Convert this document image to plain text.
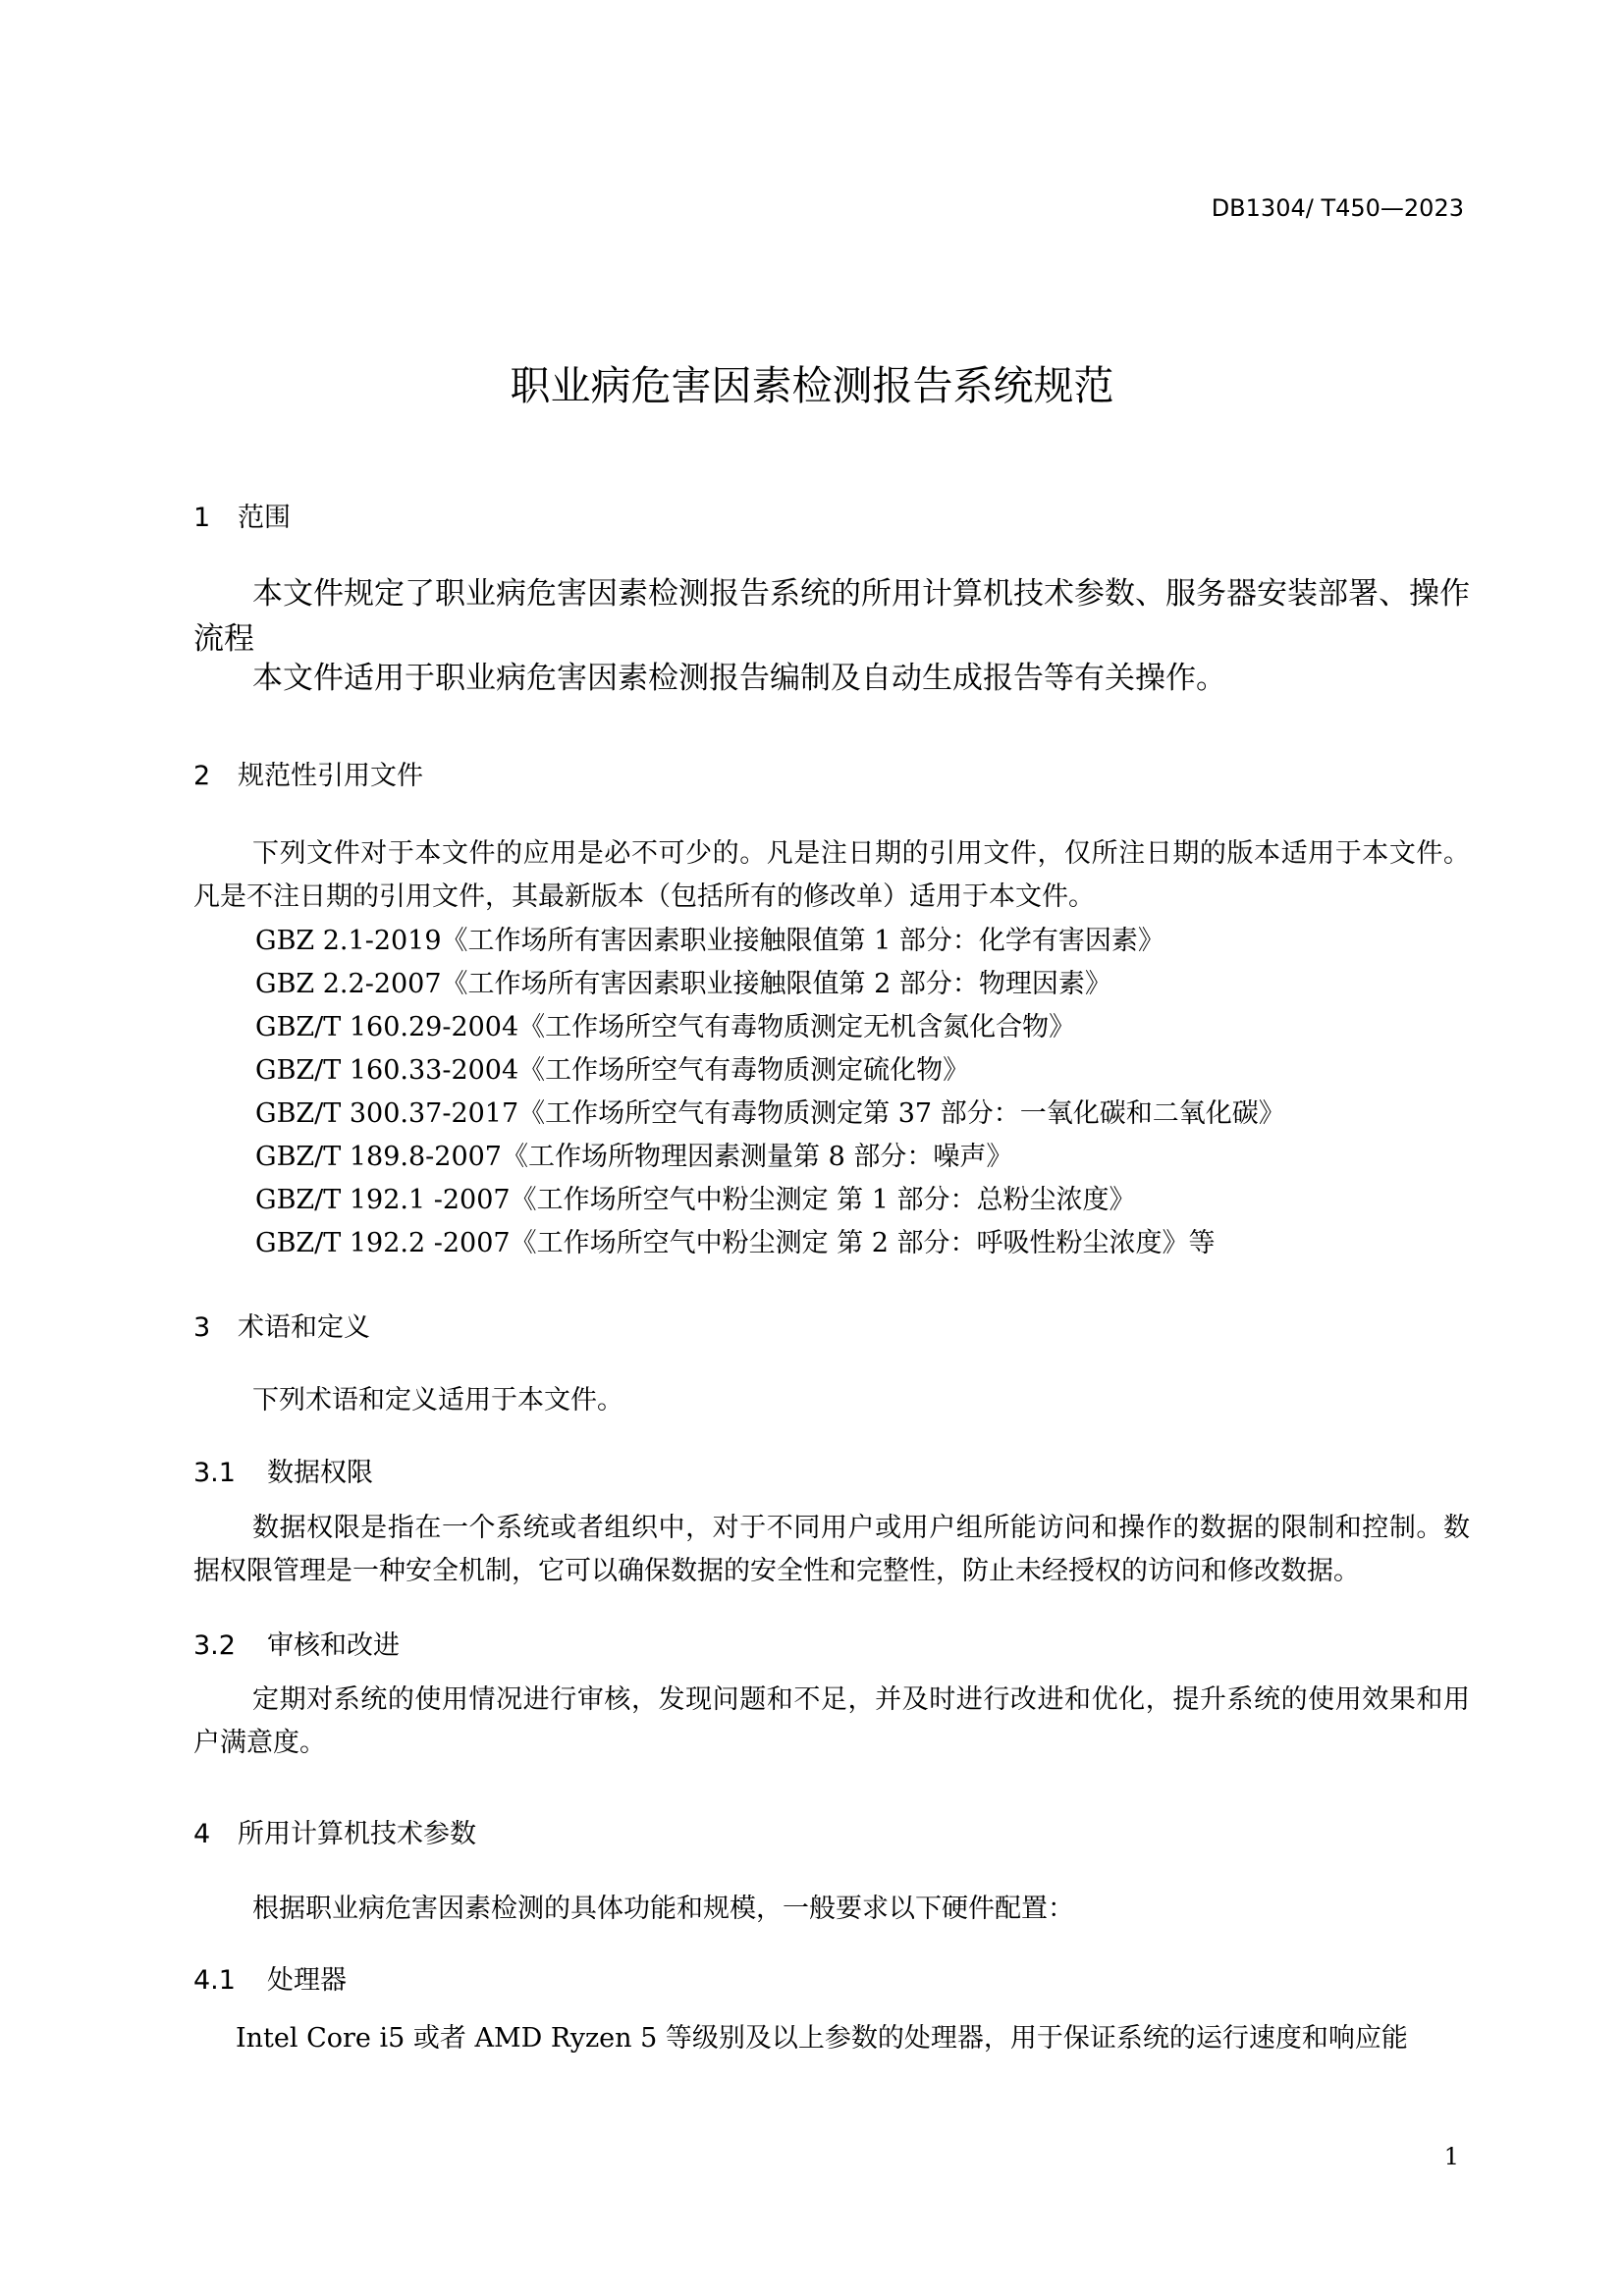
DB1304/ T450—2023
职业病危害因素检测报告系统规范
1 范围

本文件规定了职业病危害因素检测报告系统的所用计算机技术参数、服务器安装部署、操作流程

本文件适用于职业病危害因素检测报告编制及自动生成报告等有关操作。

2 规范性引用文件

下列文件对于本文件的应用是必不可少的。凡是注日期的引用文件，仅所注日期的版本适用于本文件。凡是不注日期的引用文件，其最新版本（包括所有的修改单）适用于本文件。

GBZ 2.1-2019《工作场所有害因素职业接触限值第 1 部分：化学有害因素》
GBZ 2.2-2007《工作场所有害因素职业接触限值第 2 部分：物理因素》
GBZ/T 160.29-2004《工作场所空气有毒物质测定无机含氮化合物》
GBZ/T 160.33-2004《工作场所空气有毒物质测定硫化物》
GBZ/T 300.37-2017《工作场所空气有毒物质测定第 37 部分：一氧化碳和二氧化碳》
GBZ/T 189.8-2007《工作场所物理因素测量第 8 部分：噪声》
GBZ/T 192.1 -2007《工作场所空气中粉尘测定 第 1 部分：总粉尘浓度》
GBZ/T 192.2 -2007《工作场所空气中粉尘测定 第 2 部分：呼吸性粉尘浓度》等
3 术语和定义

下列术语和定义适用于本文件。

3.1 数据权限

数据权限是指在一个系统或者组织中，对于不同用户或用户组所能访问和操作的数据的限制和控制。数据权限管理是一种安全机制，它可以确保数据的安全性和完整性，防止未经授权的访问和修改数据。

3.2 审核和改进

定期对系统的使用情况进行审核，发现问题和不足，并及时进行改进和优化，提升系统的使用效果和用户满意度。

4 所用计算机技术参数

根据职业病危害因素检测的具体功能和规模，一般要求以下硬件配置：

4.1 处理器

Intel Core i5 或者 AMD Ryzen 5 等级别及以上参数的处理器，用于保证系统的运行速度和响应能

1
